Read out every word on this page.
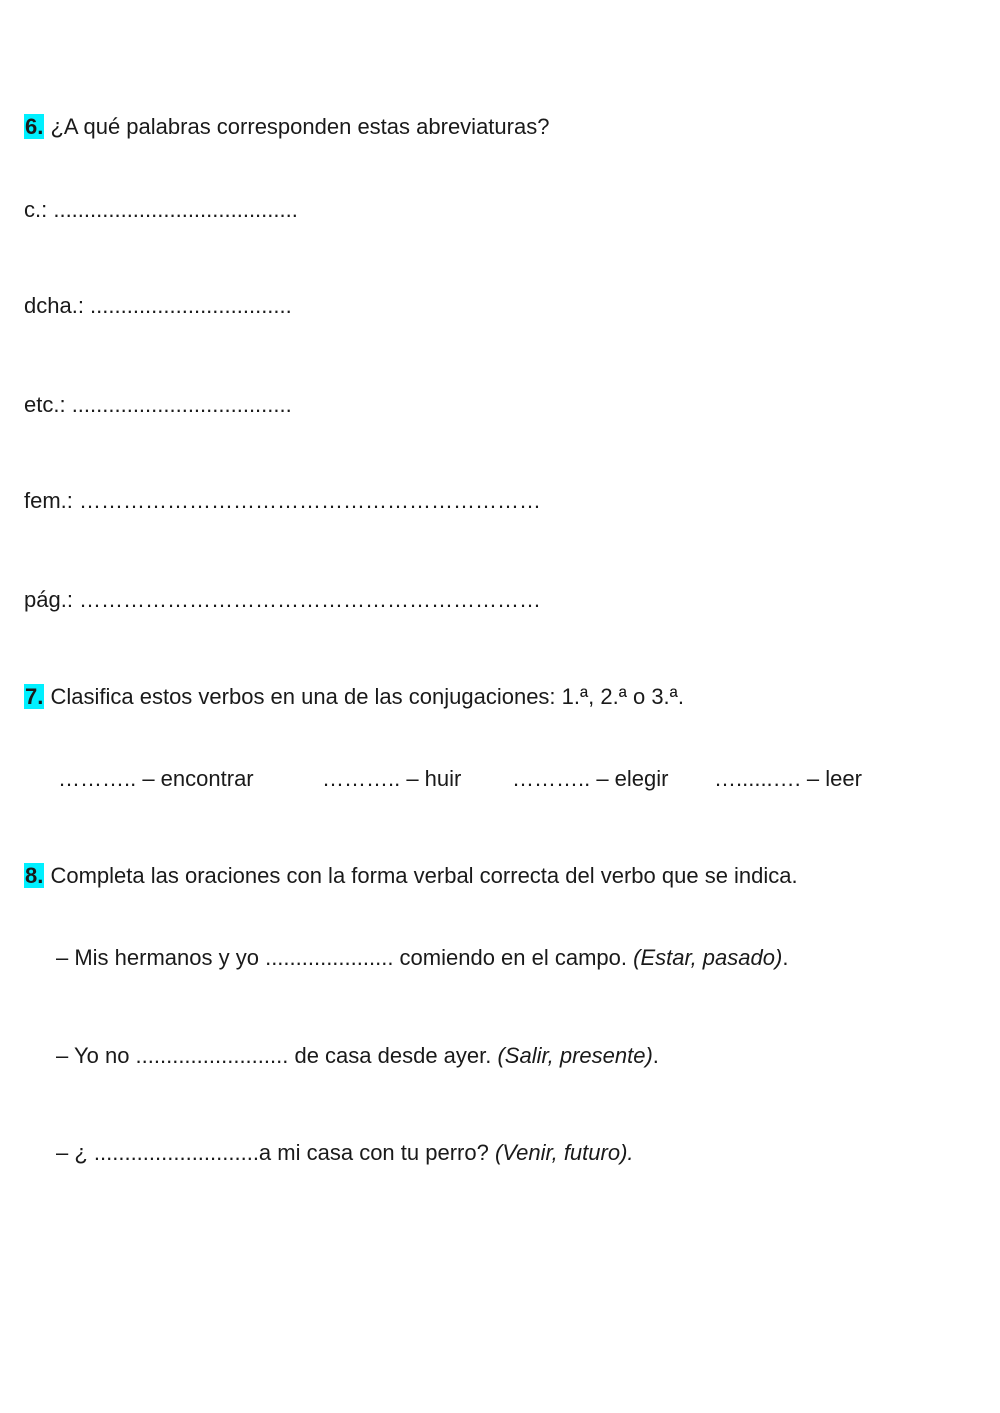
6. ¿A qué palabras corresponden estas abreviaturas?
c.: ........................................
dcha.: .................................
etc.: ....................................
fem.: ………………………………………………………
pág.: ………………………………………………………
7. Clasifica estos verbos en una de las conjugaciones: 1.ª, 2.ª o 3.ª.
……….. – encontrar	……….. – huir ……….. – elegir …......…. – leer
8. Completa las oraciones con la forma verbal correcta del verbo que se indica.
– Mis hermanos y yo ..................... comiendo en el campo. (Estar, pasado).
– Yo no ......................... de casa desde ayer. (Salir, presente).
– ¿ ...........................a mi casa con tu perro? (Venir, futuro).
